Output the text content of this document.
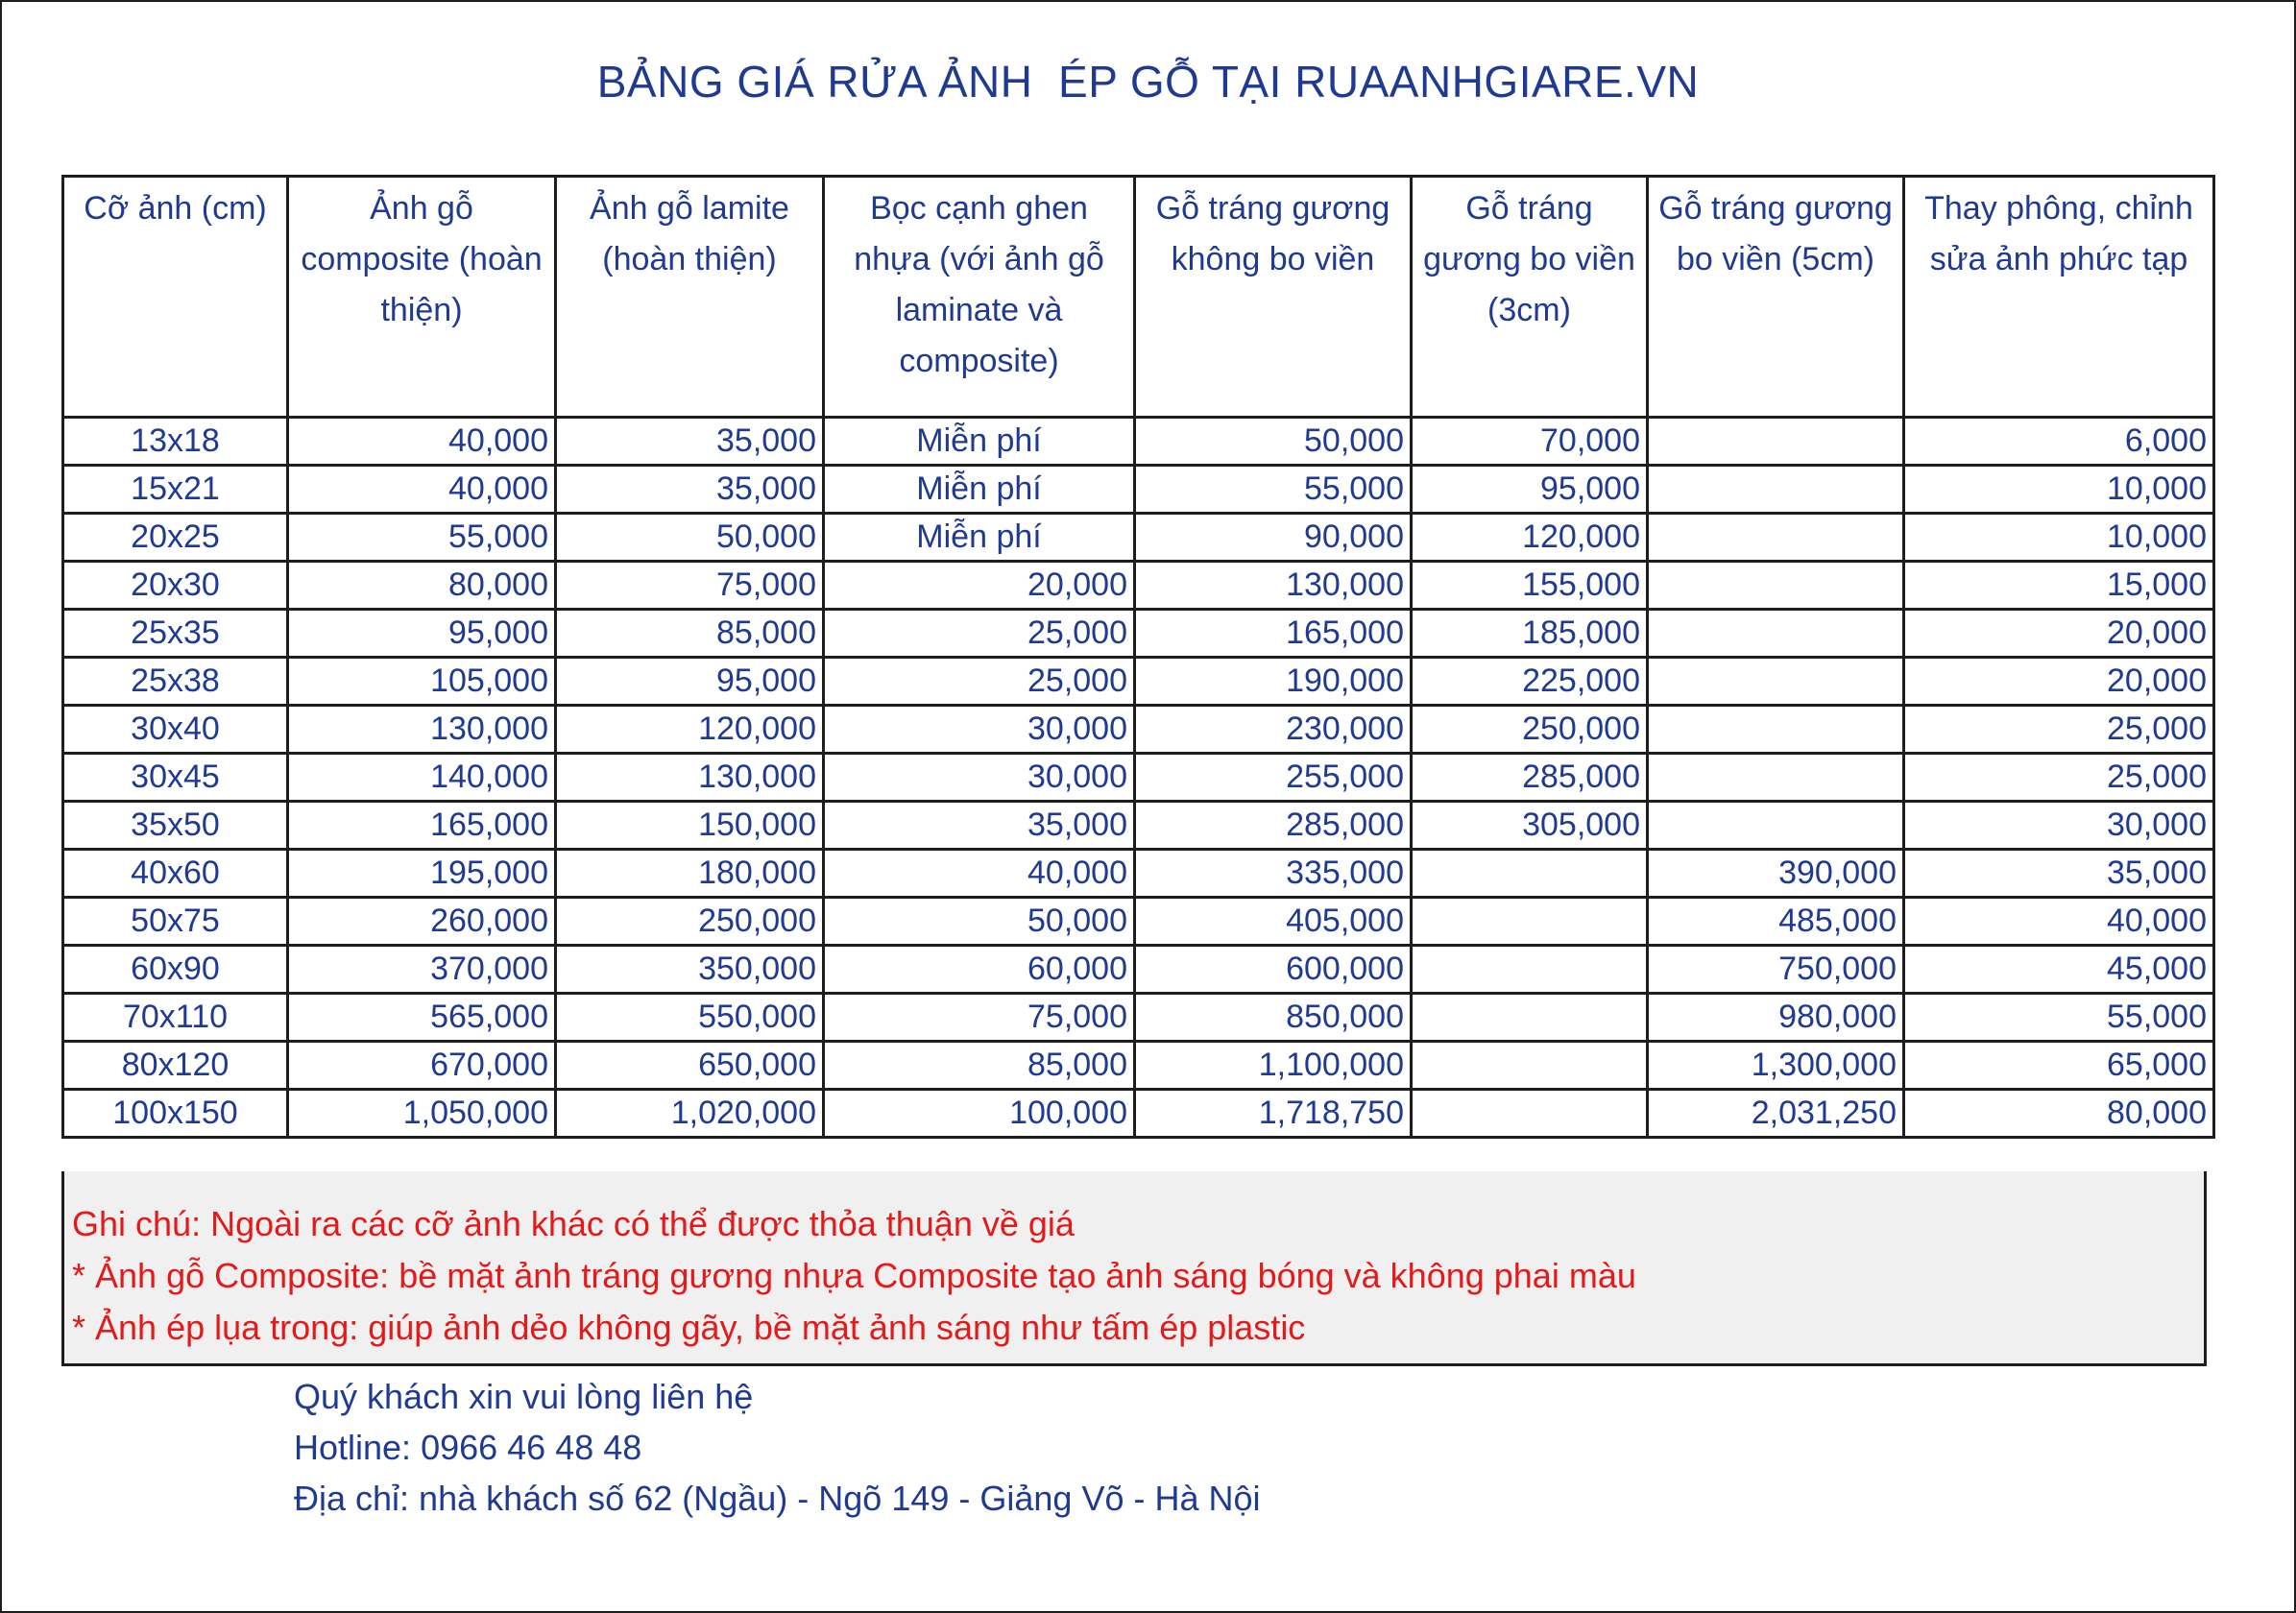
BẢNG GIÁ RỬA ẢNH  ÉP GỖ TẠI RUAANHGIARE.VN
Cỡ ảnh (cm)	Ảnh gỗ composite (hoàn thiện)	Ảnh gỗ lamite (hoàn thiện)	Bọc cạnh ghen nhựa (với ảnh gỗ laminate và composite)	Gỗ tráng gương không bo viền	Gỗ tráng gương bo viền (3cm)	Gỗ tráng gương bo viền (5cm)	Thay phông, chỉnh sửa ảnh phức tạp
13x18	40,000	35,000	Miễn phí	50,000	70,000		6,000
15x21	40,000	35,000	Miễn phí	55,000	95,000		10,000
20x25	55,000	50,000	Miễn phí	90,000	120,000		10,000
20x30	80,000	75,000	20,000	130,000	155,000		15,000
25x35	95,000	85,000	25,000	165,000	185,000		20,000
25x38	105,000	95,000	25,000	190,000	225,000		20,000
30x40	130,000	120,000	30,000	230,000	250,000		25,000
30x45	140,000	130,000	30,000	255,000	285,000		25,000
35x50	165,000	150,000	35,000	285,000	305,000		30,000
40x60	195,000	180,000	40,000	335,000		390,000	35,000
50x75	260,000	250,000	50,000	405,000		485,000	40,000
60x90	370,000	350,000	60,000	600,000		750,000	45,000
70x110	565,000	550,000	75,000	850,000		980,000	55,000
80x120	670,000	650,000	85,000	1,100,000		1,300,000	65,000
100x150	1,050,000	1,020,000	100,000	1,718,750		2,031,250	80,000
Ghi chú: Ngoài ra các cỡ ảnh khác có thể được thỏa thuận về giá
* Ảnh gỗ Composite: bề mặt ảnh tráng gương nhựa Composite tạo ảnh sáng bóng và không phai màu
* Ảnh ép lụa trong: giúp ảnh dẻo không gãy, bề mặt ảnh sáng như tấm ép plastic
Quý khách xin vui lòng liên hệ
Hotline: 0966 46 48 48
Địa chỉ: nhà khách số 62 (Ngầu) - Ngõ 149 - Giảng Võ - Hà Nội
